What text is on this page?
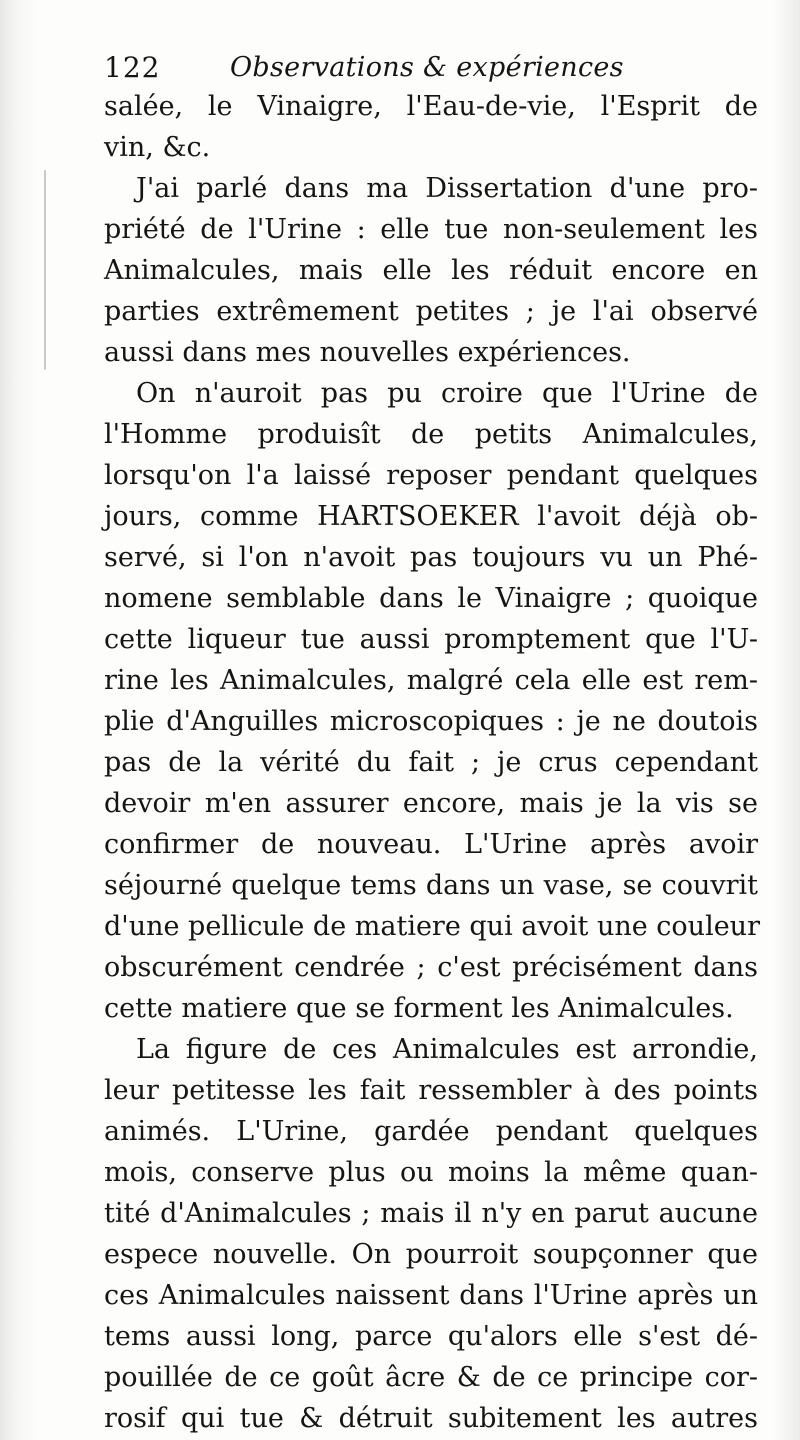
122	Observations & expériences
salée, le Vinaigre, l'Eau-de-vie, l'Esprit de
vin, &c.
J'ai parlé dans ma Dissertation d'une pro-
priété de l'Urine : elle tue non-seulement les
Animalcules, mais elle les réduit encore en
parties extrêmement petites ; je l'ai observé
aussi dans mes nouvelles expériences.
On n'auroit pas pu croire que l'Urine de
l'Homme produisît de petits Animalcules,
lorsqu'on l'a laissé reposer pendant quelques
jours, comme HARTSOEKER l'avoit déjà ob-
servé, si l'on n'avoit pas toujours vu un Phé-
nomene semblable dans le Vinaigre ; quoique
cette liqueur tue aussi promptement que l'U-
rine les Animalcules, malgré cela elle est rem-
plie d'Anguilles microscopiques : je ne doutois
pas de la vérité du fait ; je crus cependant
devoir m'en assurer encore, mais je la vis se
confirmer de nouveau. L'Urine après avoir
séjourné quelque tems dans un vase, se couvrit
d'une pellicule de matiere qui avoit une couleur
obscurément cendrée ; c'est précisément dans
cette matiere que se forment les Animalcules.
La figure de ces Animalcules est arrondie,
leur petitesse les fait ressembler à des points
animés. L'Urine, gardée pendant quelques
mois, conserve plus ou moins la même quan-
tité d'Animalcules ; mais il n'y en parut aucune
espece nouvelle. On pourroit soupçonner que
ces Animalcules naissent dans l'Urine après un
tems aussi long, parce qu'alors elle s'est dé-
pouillée de ce goût âcre & de ce principe cor-
rosif qui tue & détruit subitement les autres
